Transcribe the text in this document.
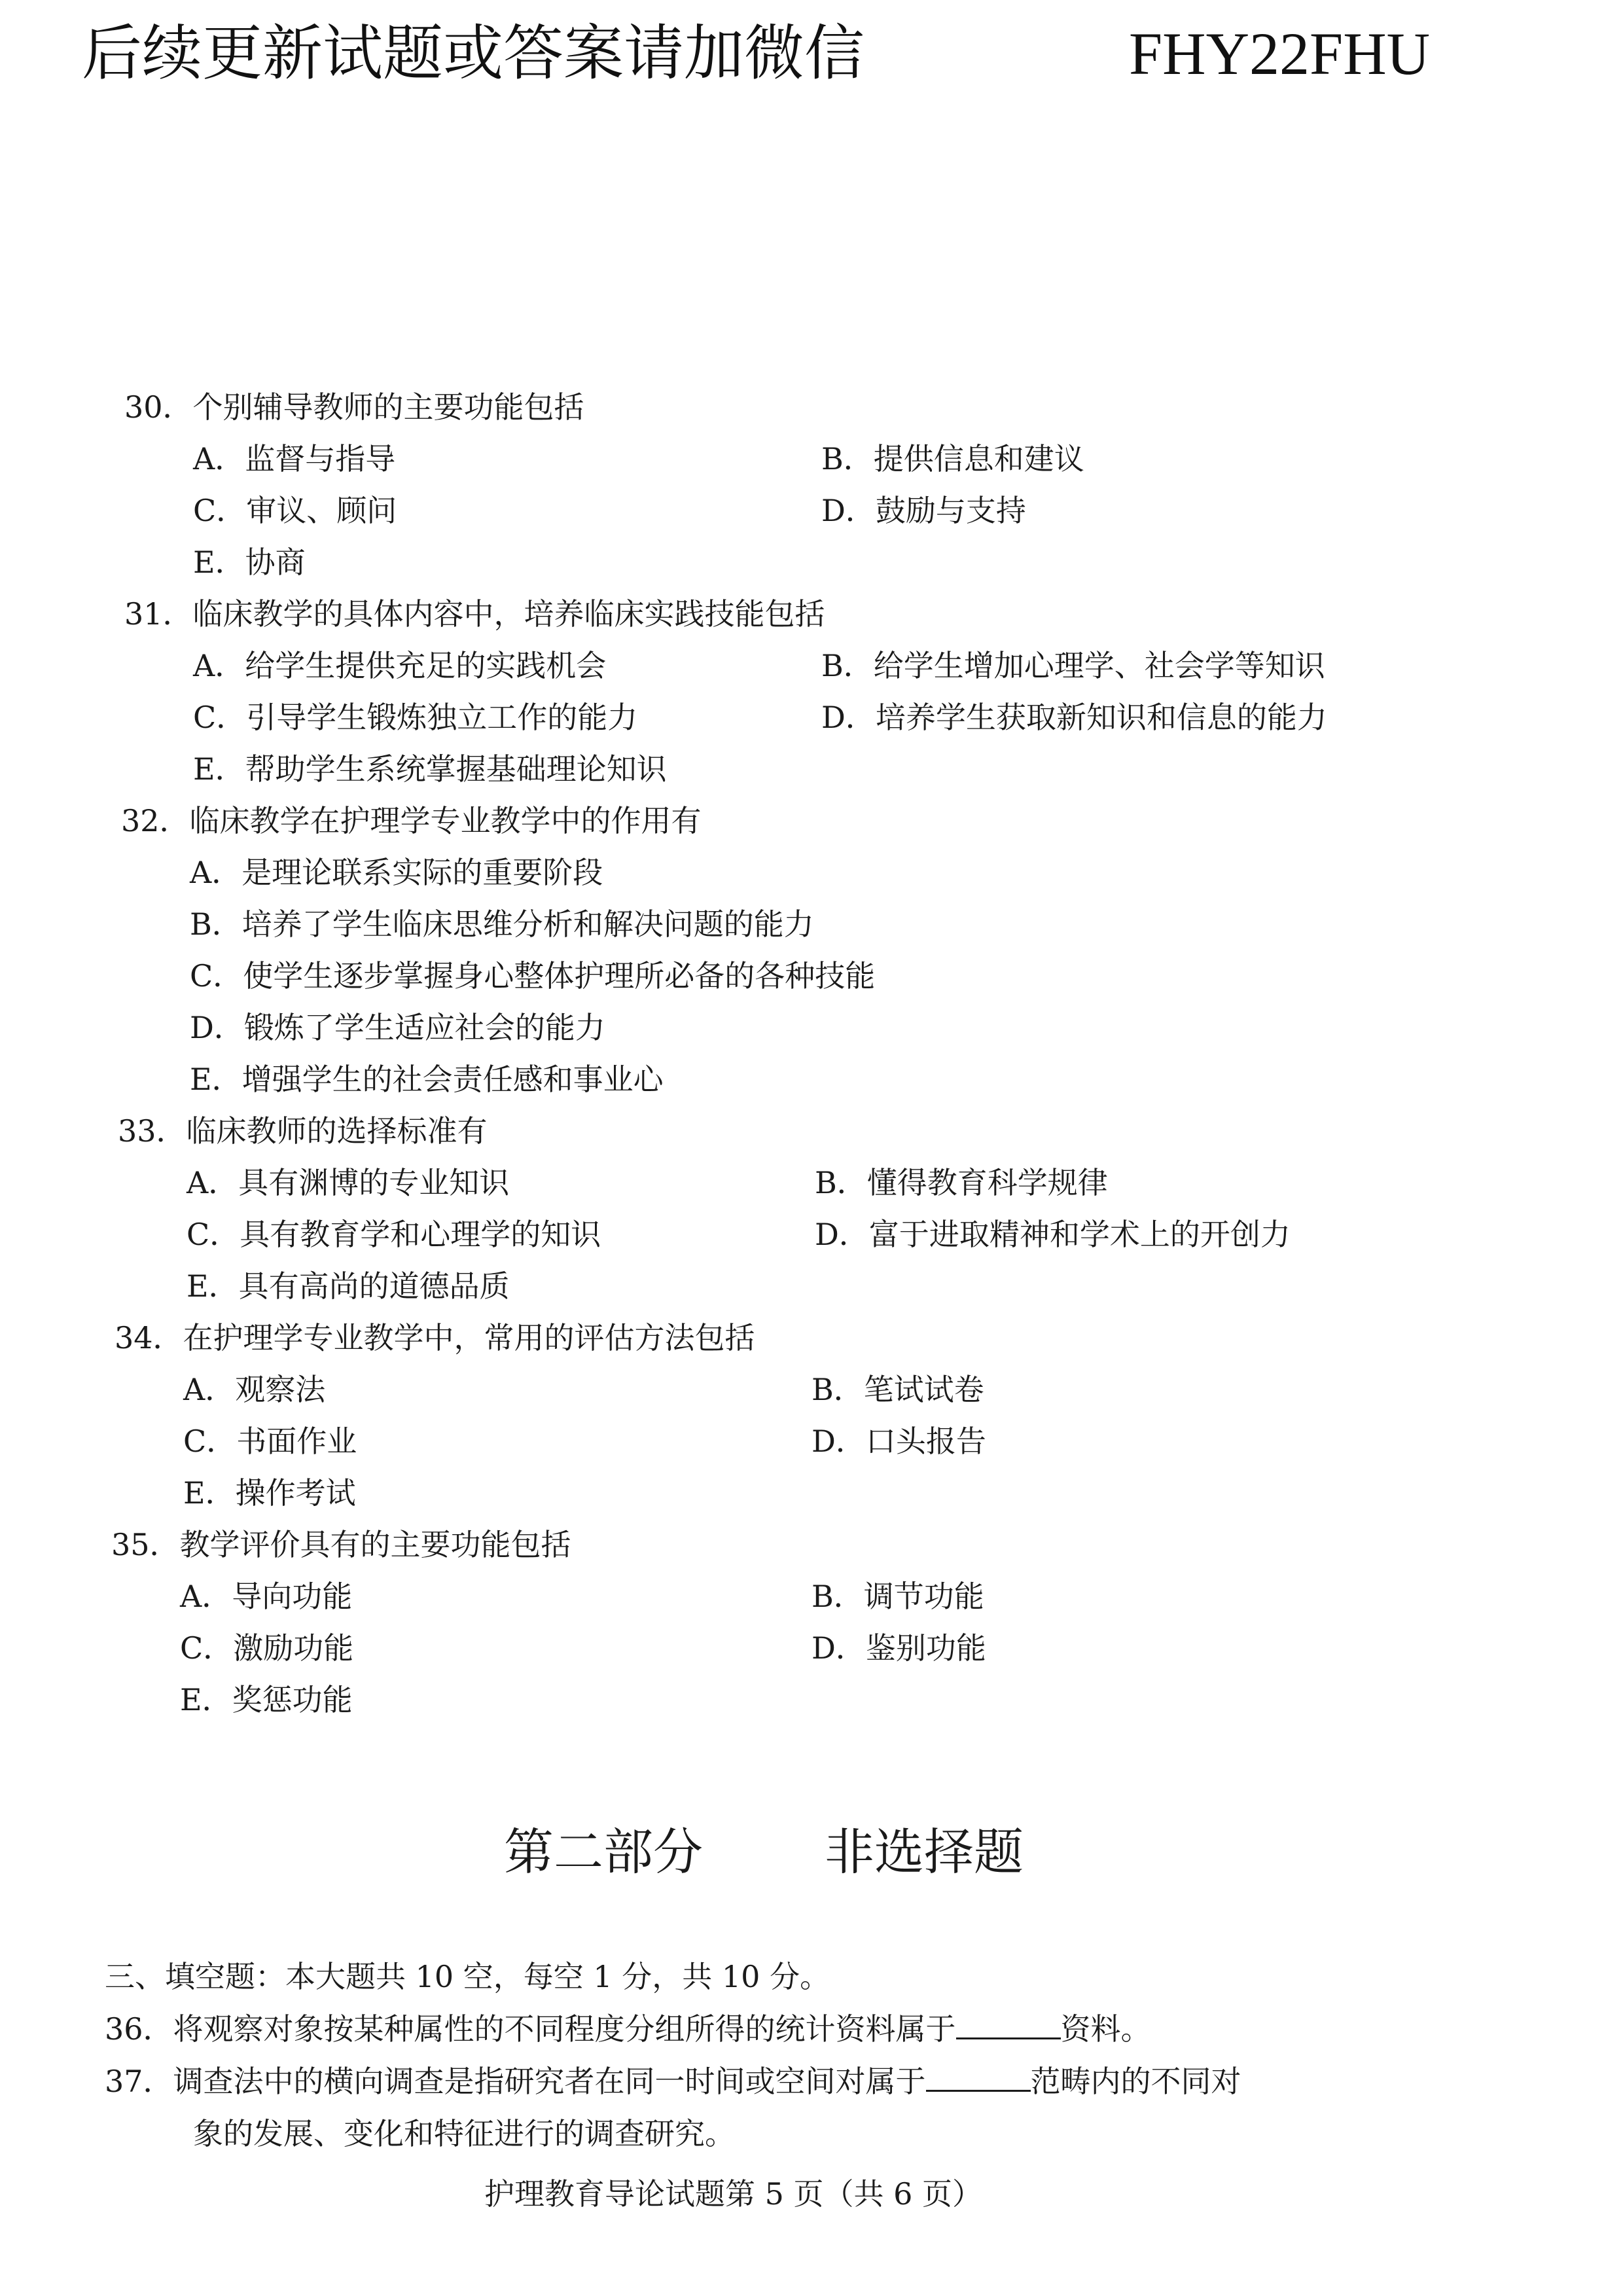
后续更新试题或答案请加微信	FHY22FHU
30．个别辅导教师的主要功能包括
A．监督与指导	B．提供信息和建议
C．审议、顾问	D．鼓励与支持
E．协商
31．临床教学的具体内容中，培养临床实践技能包括
A．给学生提供充足的实践机会	B．给学生增加心理学、社会学等知识
C．引导学生锻炼独立工作的能力	D．培养学生获取新知识和信息的能力
E．帮助学生系统掌握基础理论知识
32．临床教学在护理学专业教学中的作用有
A．是理论联系实际的重要阶段
B．培养了学生临床思维分析和解决问题的能力
C．使学生逐步掌握身心整体护理所必备的各种技能
D．锻炼了学生适应社会的能力
E．增强学生的社会责任感和事业心
33．临床教师的选择标准有
A．具有渊博的专业知识	B．懂得教育科学规律
C．具有教育学和心理学的知识	D．富于进取精神和学术上的开创力
E．具有高尚的道德品质
34．在护理学专业教学中，常用的评估方法包括
A．观察法	B．笔试试卷
C．书面作业	D．口头报告
E．操作考试
35．教学评价具有的主要功能包括
A．导向功能	B．调节功能
C．激励功能	D．鉴别功能
E．奖惩功能
第二部分 非选择题
三、填空题：本大题共 10 空，每空 1 分，共 10 分。
36．将观察对象按某种属性的不同程度分组所得的统计资料属于	资料。
37．调查法中的横向调查是指研究者在同一时间或空间对属于	范畴内的不同对
象的发展、变化和特征进行的调查研究。
护理教育导论试题第 5 页（共 6 页）
